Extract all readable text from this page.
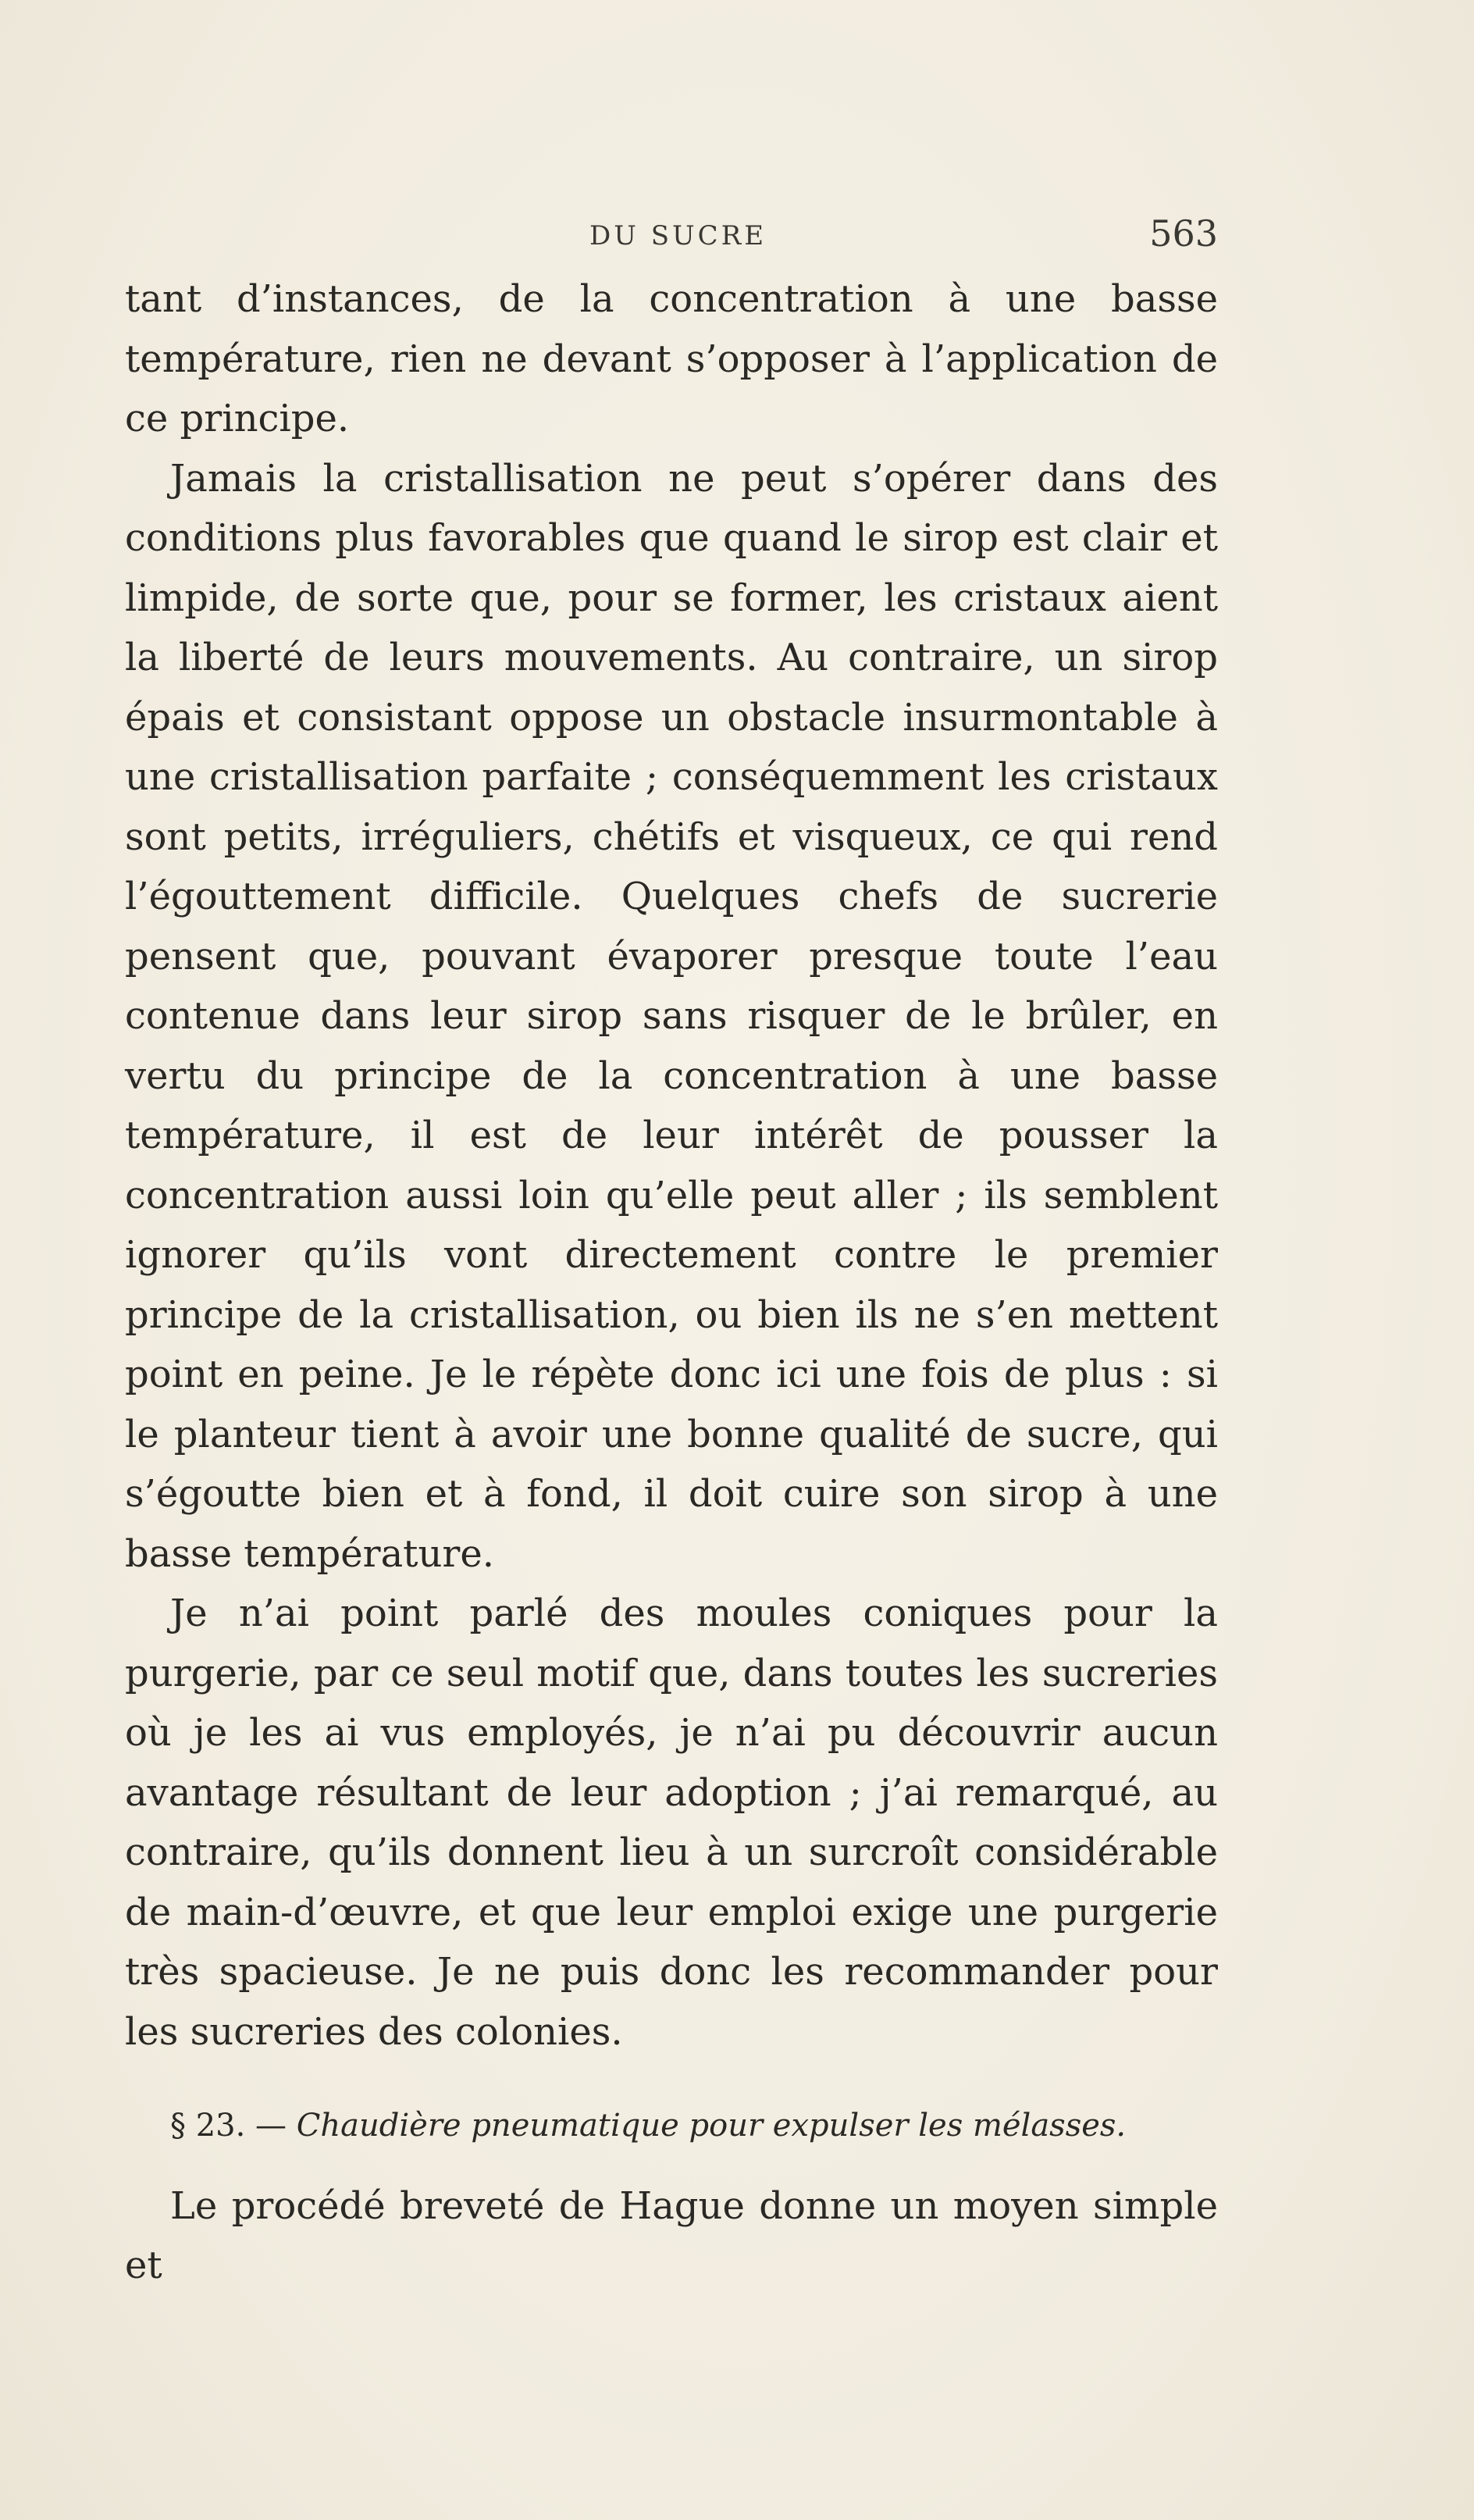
DU SUCRE	563

tant d’instances, de la concentration à une basse température, rien ne devant s’opposer à l’application de ce principe.

Jamais la cristallisation ne peut s’opérer dans des conditions plus favorables que quand le sirop est clair et limpide, de sorte que, pour se former, les cristaux aient la liberté de leurs mouvements. Au contraire, un sirop épais et consistant oppose un obstacle insurmontable à une cristallisation parfaite ; conséquemment les cristaux sont petits, irréguliers, chétifs et visqueux, ce qui rend l’égouttement difficile. Quelques chefs de sucrerie pensent que, pouvant évaporer presque toute l’eau contenue dans leur sirop sans risquer de le brûler, en vertu du principe de la concentration à une basse température, il est de leur intérêt de pousser la concentration aussi loin qu’elle peut aller ; ils semblent ignorer qu’ils vont directement contre le premier principe de la cristallisation, ou bien ils ne s’en mettent point en peine. Je le répète donc ici une fois de plus : si le planteur tient à avoir une bonne qualité de sucre, qui s’égoutte bien et à fond, il doit cuire son sirop à une basse température.

Je n’ai point parlé des moules coniques pour la purgerie, par ce seul motif que, dans toutes les sucreries où je les ai vus employés, je n’ai pu découvrir aucun avantage résultant de leur adoption ; j’ai remarqué, au contraire, qu’ils donnent lieu à un surcroît considérable de main-d’œuvre, et que leur emploi exige une purgerie très spacieuse. Je ne puis donc les recommander pour les sucreries des colonies.

§ 23. — Chaudière pneumatique pour expulser les mélasses.

Le procédé breveté de Hague donne un moyen simple et
